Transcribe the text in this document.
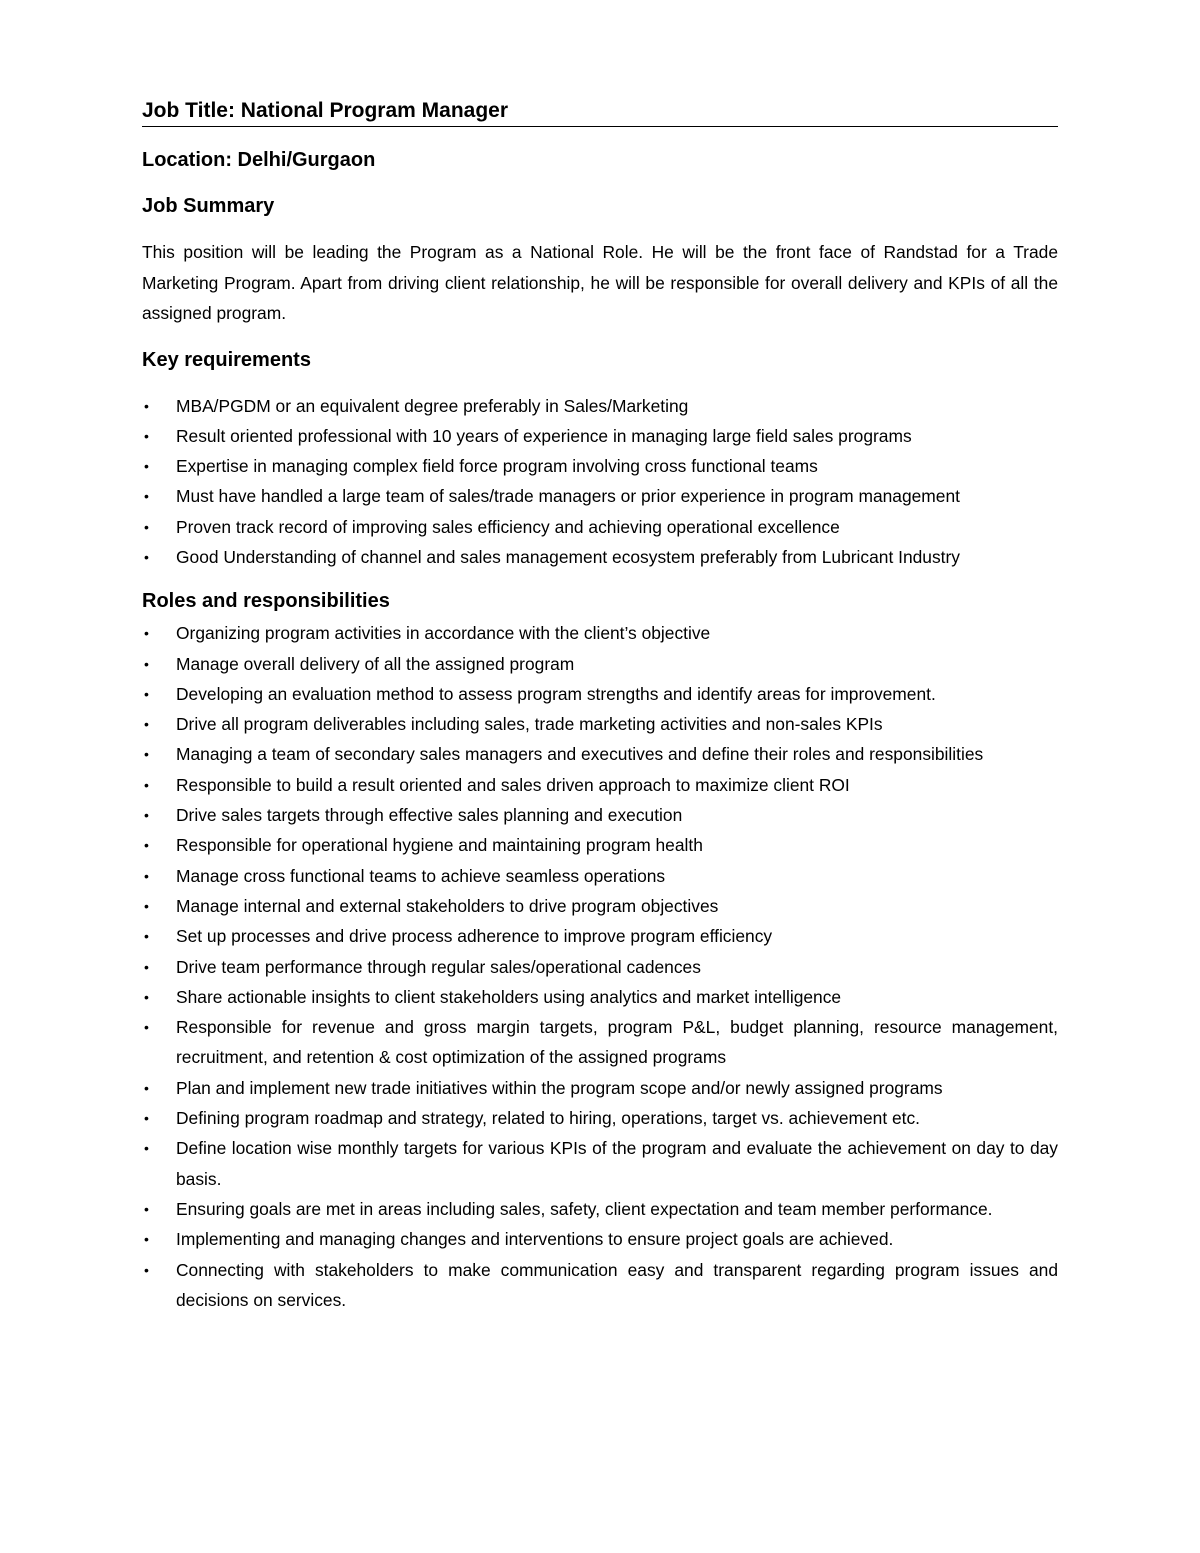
Job Title: National Program Manager
Location: Delhi/Gurgaon
Job Summary

This position will be leading the Program as a National Role. He will be the front face of Randstad for a Trade Marketing Program. Apart from driving client relationship, he will be responsible for overall delivery and KPIs of all the assigned program.

Key requirements
• MBA/PGDM or an equivalent degree preferably in Sales/Marketing
• Result oriented professional with 10 years of experience in managing large field sales programs
• Expertise in managing complex field force program involving cross functional teams
• Must have handled a large team of sales/trade managers or prior experience in program management
• Proven track record of improving sales efficiency and achieving operational excellence
• Good Understanding of channel and sales management ecosystem preferably from Lubricant Industry
Roles and responsibilities
• Organizing program activities in accordance with the client’s objective
• Manage overall delivery of all the assigned program
• Developing an evaluation method to assess program strengths and identify areas for improvement.
• Drive all program deliverables including sales, trade marketing activities and non-sales KPIs
• Managing a team of secondary sales managers and executives and define their roles and responsibilities
• Responsible to build a result oriented and sales driven approach to maximize client ROI
• Drive sales targets through effective sales planning and execution
• Responsible for operational hygiene and maintaining program health
• Manage cross functional teams to achieve seamless operations
• Manage internal and external stakeholders to drive program objectives
• Set up processes and drive process adherence to improve program efficiency
• Drive team performance through regular sales/operational cadences
• Share actionable insights to client stakeholders using analytics and market intelligence
• Responsible for revenue and gross margin targets, program P&L, budget planning, resource management, recruitment, and retention & cost optimization of the assigned programs
• Plan and implement new trade initiatives within the program scope and/or newly assigned programs
• Defining program roadmap and strategy, related to hiring, operations, target vs. achievement etc.
• Define location wise monthly targets for various KPIs of the program and evaluate the achievement on day to day basis.
• Ensuring goals are met in areas including sales, safety, client expectation and team member performance.
• Implementing and managing changes and interventions to ensure project goals are achieved.
• Connecting with stakeholders to make communication easy and transparent regarding program issues and decisions on services.
